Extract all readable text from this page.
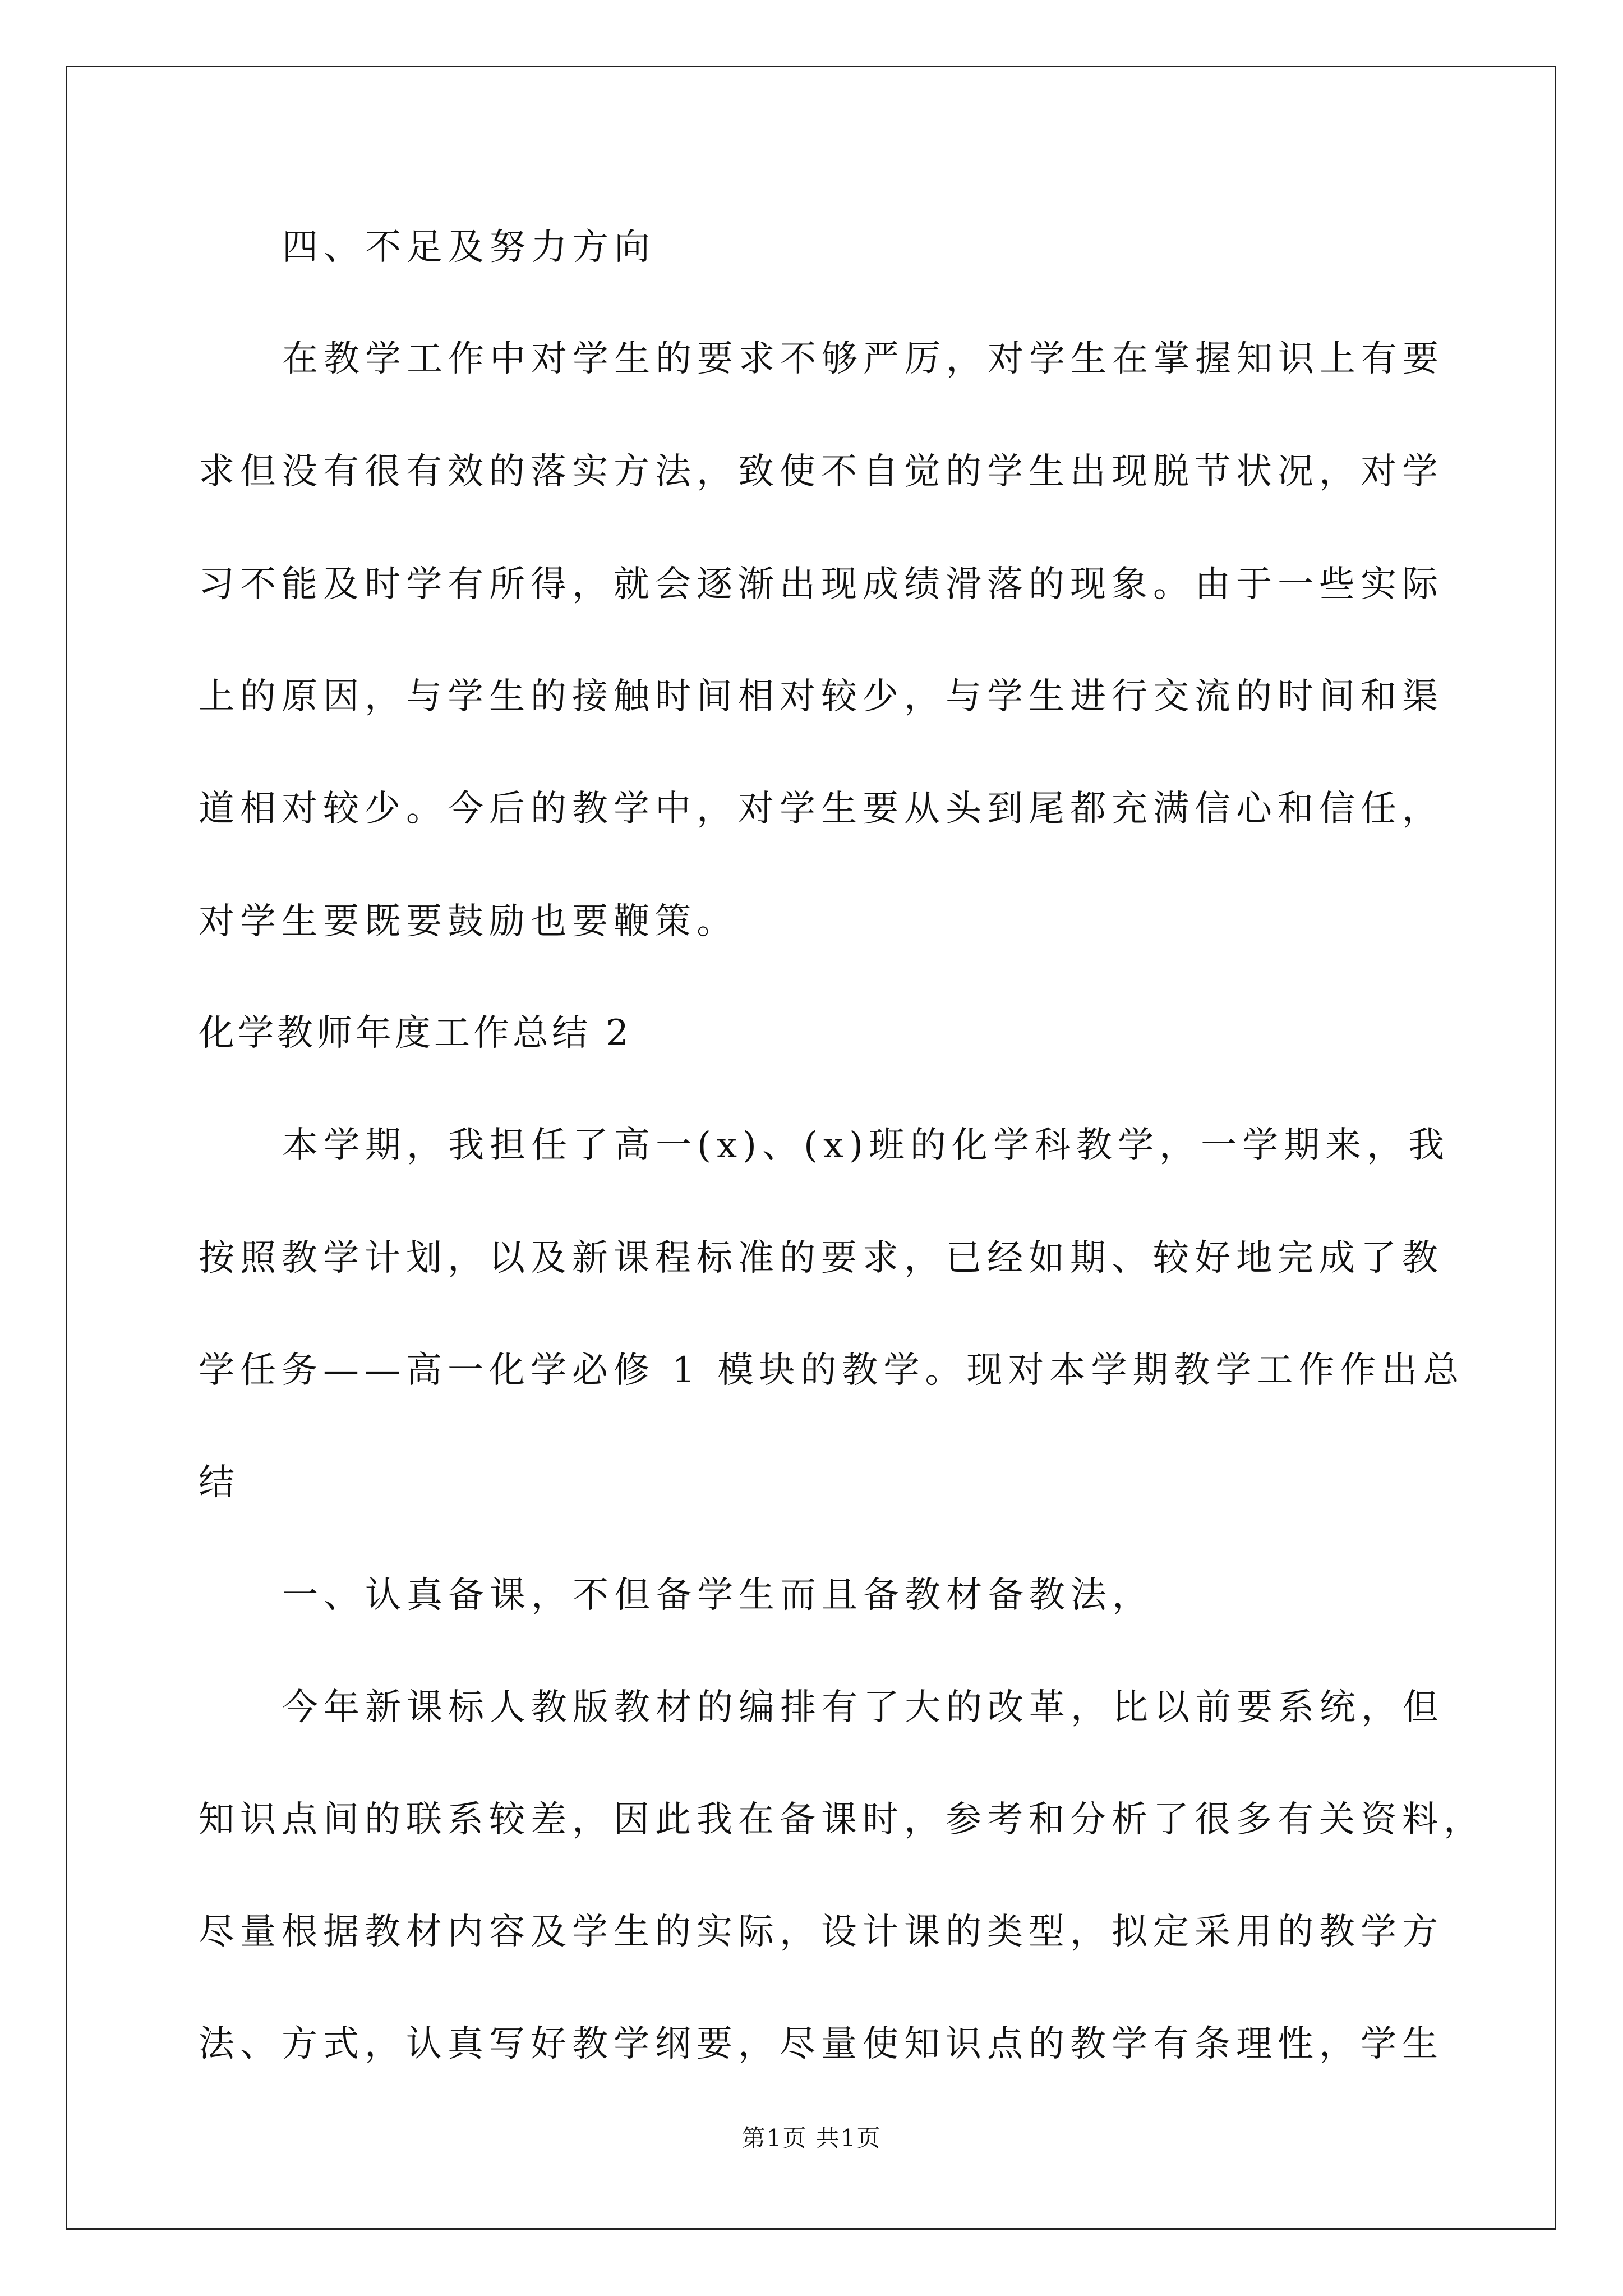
四、不足及努力方向
在教学工作中对学生的要求不够严厉，对学生在掌握知识上有要
求但没有很有效的落实方法，致使不自觉的学生出现脱节状况，对学
习不能及时学有所得，就会逐渐出现成绩滑落的现象。由于一些实际
上的原因，与学生的接触时间相对较少，与学生进行交流的时间和渠
道相对较少。今后的教学中，对学生要从头到尾都充满信心和信任，
对学生要既要鼓励也要鞭策。
化学教师年度工作总结 2
本学期，我担任了高一(x)、(x)班的化学科教学，一学期来，我
按照教学计划，以及新课程标准的要求，已经如期、较好地完成了教
学任务——高一化学必修 1 模块的教学。现对本学期教学工作作出总
结
一、认真备课，不但备学生而且备教材备教法，
今年新课标人教版教材的编排有了大的改革，比以前要系统，但
知识点间的联系较差，因此我在备课时，参考和分析了很多有关资料，
尽量根据教材内容及学生的实际，设计课的类型，拟定采用的教学方
法、方式，认真写好教学纲要，尽量使知识点的教学有条理性，学生
第1页 共1页
